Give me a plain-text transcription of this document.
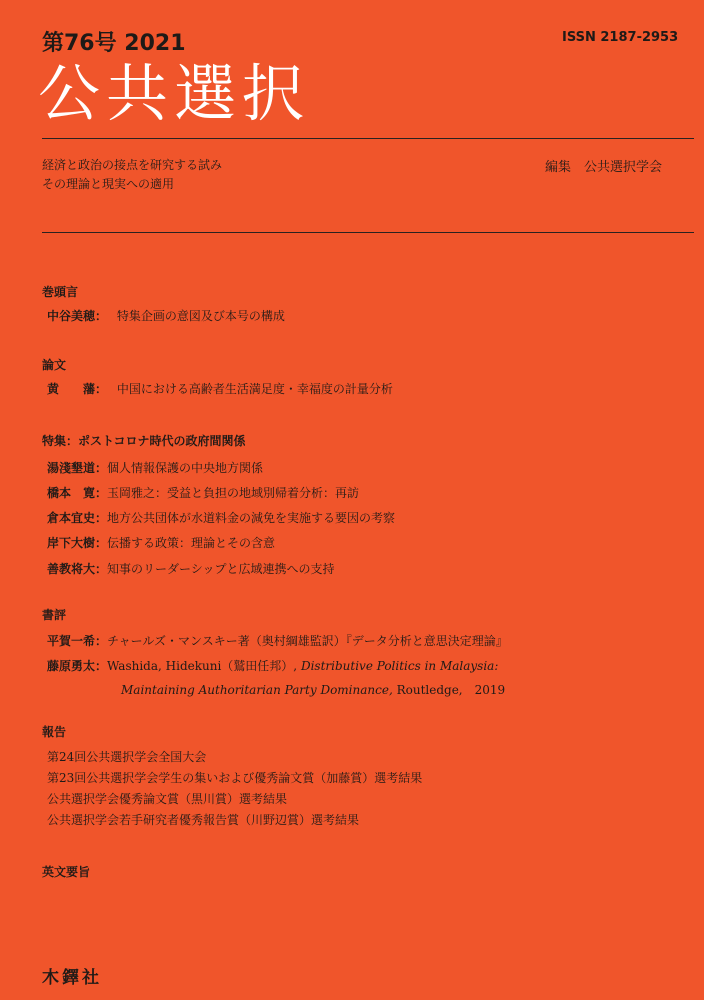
第76号 2021	ISSN 2187-2953
公共選択
経済と政治の接点を研究する試み
その理論と現実への適用
編集　公共選択学会
巻頭言
中谷美穂： 特集企画の意図及び本号の構成
論文
黄　　藩： 中国における高齢者生活満足度・幸福度の計量分析
特集：ポストコロナ時代の政府間関係
湯淺墾道：個人情報保護の中央地方関係
橋本　寛：玉岡雅之：受益と負担の地域別帰着分析：再訪
倉本宜史：地方公共団体が水道料金の減免を実施する要因の考察
岸下大樹：伝播する政策：理論とその含意
善教将大：知事のリーダーシップと広域連携への支持
書評
平賀一希：チャールズ・マンスキー著（奥村綱雄監訳）『データ分析と意思決定理論』
藤原勇太：Washida, Hidekuni（鷲田任邦）, Distributive Politics in Malaysia:
Maintaining Authoritarian Party Dominance, Routledge,　2019
報告
第24回公共選択学会全国大会
第23回公共選択学会学生の集いおよび優秀論文賞（加藤賞）選考結果
公共選択学会優秀論文賞（黒川賞）選考結果
公共選択学会若手研究者優秀報告賞（川野辺賞）選考結果
英文要旨
木鐸社
